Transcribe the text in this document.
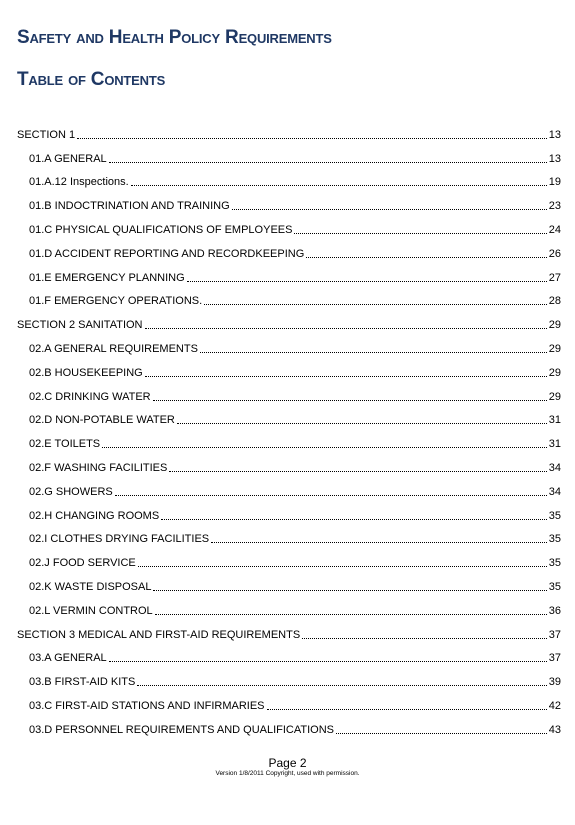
Safety and Health Policy Requirements
Table of Contents
SECTION 1	13
01.A GENERAL	13
01.A.12 Inspections.	19
01.B INDOCTRINATION AND TRAINING	23
01.C PHYSICAL QUALIFICATIONS OF EMPLOYEES	24
01.D ACCIDENT REPORTING AND RECORDKEEPING	26
01.E EMERGENCY PLANNING	27
01.F EMERGENCY OPERATIONS.	28
SECTION 2 SANITATION	29
02.A GENERAL REQUIREMENTS	29
02.B HOUSEKEEPING	29
02.C DRINKING WATER	29
02.D NON-POTABLE WATER	31
02.E TOILETS	31
02.F WASHING FACILITIES	34
02.G SHOWERS	34
02.H CHANGING ROOMS	35
02.I CLOTHES DRYING FACILITIES	35
02.J FOOD SERVICE	35
02.K WASTE DISPOSAL	35
02.L VERMIN CONTROL	36
SECTION 3 MEDICAL AND FIRST-AID REQUIREMENTS	37
03.A GENERAL	37
03.B FIRST-AID KITS	39
03.C FIRST-AID STATIONS AND INFIRMARIES	42
03.D PERSONNEL REQUIREMENTS AND QUALIFICATIONS	43
Page 2
Version 1/8/2011 Copyright, used with permission.
